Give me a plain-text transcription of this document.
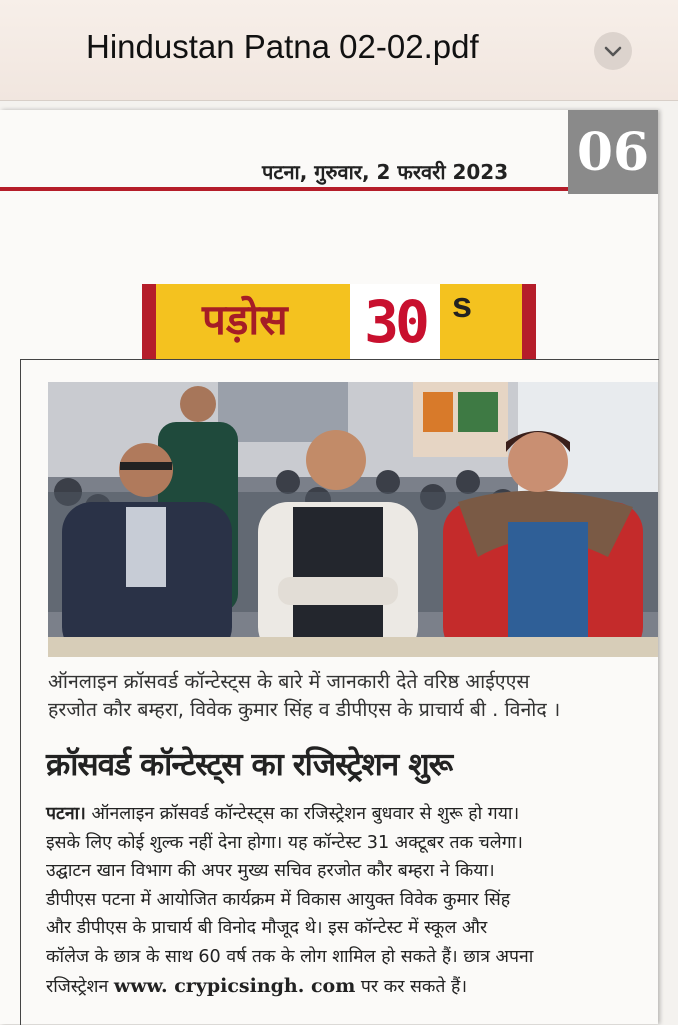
Hindustan Patna 02-02.pdf
पटना, गुरुवार, 2 फरवरी 2023 06
पड़ोस 30 s
ऑनलाइन क्रॉसवर्ड कॉन्टेस्ट्स के बारे में जानकारी देते वरिष्ठ आईएएस
हरजोत कौर बम्हरा, विवेक कुमार सिंह व डीपीएस के प्राचार्य बी . विनोद ।
क्रॉसवर्ड कॉन्टेस्ट्स का रजिस्ट्रेशन शुरू
पटना। ऑनलाइन क्रॉसवर्ड कॉन्टेस्ट्स का रजिस्ट्रेशन बुधवार से शुरू हो गया।
इसके लिए कोई शुल्क नहीं देना होगा। यह कॉन्टेस्ट 31 अक्टूबर तक चलेगा।
उद्घाटन खान विभाग की अपर मुख्य सचिव हरजोत कौर बम्हरा ने किया।
डीपीएस पटना में आयोजित कार्यक्रम में विकास आयुक्त विवेक कुमार सिंह
और डीपीएस के प्राचार्य बी विनोद मौजूद थे। इस कॉन्टेस्ट में स्कूल और
कॉलेज के छात्र के साथ 60 वर्ष तक के लोग शामिल हो सकते हैं। छात्र अपना
रजिस्ट्रेशन www. crypicsingh. com पर कर सकते हैं।
